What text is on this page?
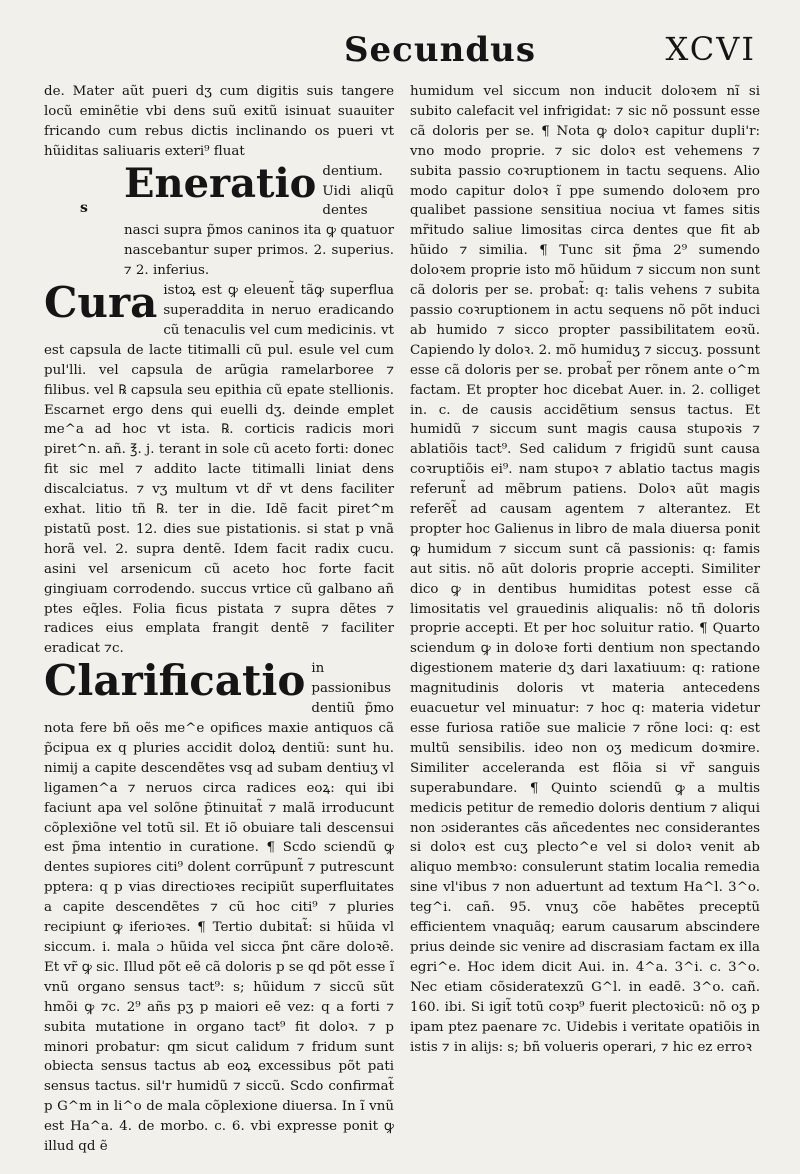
Secundus	XCVI
s

de. Mater aũt pueri dʒ cum digitis suis tangere locũ eminẽtie vbi dens suũ exitũ isinuat suauiter fricando cum rebus dictis inclinando os pueri vt hũiditas saliuaris exteri⁹ fluat

Eneratio dentium. Uidi aliqũ dentes nasci supra p̃mos caninos ita ꝙ quatuor nascebantur super primos. 2. superius. ⁊ 2. inferius.
Cura istoꝝ est ꝙ eleuent̃ tãꝙ superflua superaddita in neruo eradicando cũ tenaculis vel cum medicinis. vt est capsula de lacte titimalli cũ pul. esule vel cum pul'lli. vel capsula de arũgia ramelarboree ⁊ filibus. vel ℞ capsula seu epithia cũ epate stellionis. Escarnet ergo dens qui euelli dʒ. deinde emplet me^a ad hoc vt ista. ℞. corticis radicis mori piret^n. añ. ℥. j. terant in sole cũ aceto forti: donec fit sic mel ⁊ addito lacte titimalli liniat dens discalciatus. ⁊ vʒ multum vt dr̃ vt dens faciliter exhat. litio tñ ℞. ter in die. Idẽ facit piret^m pistatũ post. 12. dies sue pistationis. si stat p vnã horã vel. 2. supra dentẽ. Idem facit radix cucu. asini vel arsenicum cũ aceto hoc forte facit gingiuam corrodendo. succus vrtice cũ galbano añ ptes eq̃les. Folia ficus pistata ⁊ supra dẽtes ⁊ radices eius emplata frangit dentẽ ⁊ faciliter eradicat ⁊c.
Clarificatio in passionibus dentiũ p̃mo nota fere bñ oẽs me^e opifices maxie antiquos cã p̃cipua ex q pluries accidit doloꝝ dentiũ: sunt hu. nimij a capite descendẽtes vsq ad subam dentiuʒ vl ligamen^a ⁊ neruos circa radices eoꝝ: qui ibi faciunt apa vel solõne p̃tinuitat̃ ⁊ malã irroducunt cõplexiõne vel totũ sil. Et iõ obuiare tali descensui est p̃ma intentio in curatione. ¶ Scdo sciendũ ꝙ dentes supiores citi⁹ dolent corrũpunt̃ ⁊ putrescunt pptera: q p vias directioꝛes recipiũt superfluitates a capite descendẽtes ⁊ cũ hoc citi⁹ ⁊ pluries recipiunt ꝙ iferioꝛes. ¶ Tertio dubitat̃: si hũida vl siccum. i. mala ɔ hũida vel sicca p̃nt cãre doloꝛẽ. Et vr̃ ꝙ sic. Illud põt eẽ cã doloris p se qd põt esse ĩ vnũ organo sensus tact⁹: s; hũidum ⁊ siccũ sũt hmõi ꝙ ⁊c. 2⁹ añs pʒ p maiori eẽ vez: q a forti ⁊ subita mutatione in organo tact⁹ fit doloꝛ. ⁊ p minori probatur: qm sicut calidum ⁊ fridum sunt obiecta sensus tactus ab eoꝝ excessibus põt pati sensus tactus. sil'r humidũ ⁊ siccũ. Scdo confirmat̃ p G^m in li^o de mala cõplexione diuersa. In ĩ vnũ est Ha^a. 4. de morbo. c. 6. vbi expresse ponit ꝙ illud qd ẽ

humidum vel siccum non inducit doloꝛem nĩ si subito calefacit vel infrigidat: ⁊ sic nõ possunt esse cã doloris per se. ¶ Nota ꝙ doloꝛ capitur dupli'r: vno modo proprie. ⁊ sic doloꝛ est vehemens ⁊ subita passio coꝛruptionem in tactu sequens. Alio modo capitur doloꝛ ĩ ppe sumendo doloꝛem pro qualibet passione sensitiua nociua vt fames sitis mr̃itudo saliue limositas circa dentes que fit ab hũido ⁊ similia. ¶ Tunc sit p̃ma 2⁹ sumendo doloꝛem proprie isto mõ hũidum ⁊ siccum non sunt cã doloris per se. probat̃: q: talis vehens ⁊ subita passio coꝛruptionem in actu sequens nõ põt induci ab humido ⁊ sicco propter passibilitatem eoꝛũ. Capiendo ly doloꝛ. 2. mõ humiduʒ ⁊ siccuʒ. possunt esse cã doloris per se. probat̃ per rõnem ante o^m factam. Et propter hoc dicebat Auer. in. 2. colliget in. c. de causis accidẽtium sensus tactus. Et humidũ ⁊ siccum sunt magis causa stupoꝛis ⁊ ablatiõis tact⁹. Sed calidum ⁊ frigidũ sunt causa coꝛruptiõis ei⁹. nam stupoꝛ ⁊ ablatio tactus magis referunt̃ ad mẽbrum patiens. Doloꝛ aũt magis referẽt̃ ad causam agentem ⁊ alterantez. Et propter hoc Galienus in libro de mala diuersa ponit ꝙ humidum ⁊ siccum sunt cã passionis: q: famis aut sitis. nõ aũt doloris proprie accepti. Similiter dico ꝙ in dentibus humiditas potest esse cã limositatis vel grauedinis aliqualis: nõ tñ doloris proprie accepti. Et per hoc soluitur ratio. ¶ Quarto sciendum ꝙ in doloꝛe forti dentium non spectando digestionem materie dʒ dari laxatiuum: q: ratione magnitudinis doloris vt materia antecedens euacuetur vel minuatur: ⁊ hoc q: materia videtur esse furiosa ratiõe sue malicie ⁊ rõne loci: q: est multũ sensibilis. ideo non oʒ medicum doꝛmire. Similiter acceleranda est flõia si vr̃ sanguis superabundare. ¶ Quinto sciendũ ꝙ a multis medicis petitur de remedio doloris dentium ⁊ aliqui non ɔsiderantes cãs añcedentes nec considerantes si doloꝛ est cuʒ plecto^e vel si doloꝛ venit ab aliquo membꝛo: consulerunt statim localia remedia sine vl'ibus ⁊ non aduertunt ad textum Ha^l. 3^o. teg^i. cañ. 95. vnuʒ cõe habẽtes preceptũ efficientem vnaquãq; earum causarum abscindere prius deinde sic venire ad discrasiam factam ex illa egri^e. Hoc idem dicit Aui. in. 4^a. 3^i. c. 3^o. Nec etiam cõsideratexzũ G^l. in eadẽ. 3^o. cañ. 160. ibi. Si igit̃ totũ coꝛp⁹ fuerit plectoꝛicũ: nõ oʒ p ipam ptez paenare ⁊c. Uidebis i veritate opatiõis in istis ⁊ in alijs: s; bñ volueris operari, ⁊ hic ez erroꝛ
